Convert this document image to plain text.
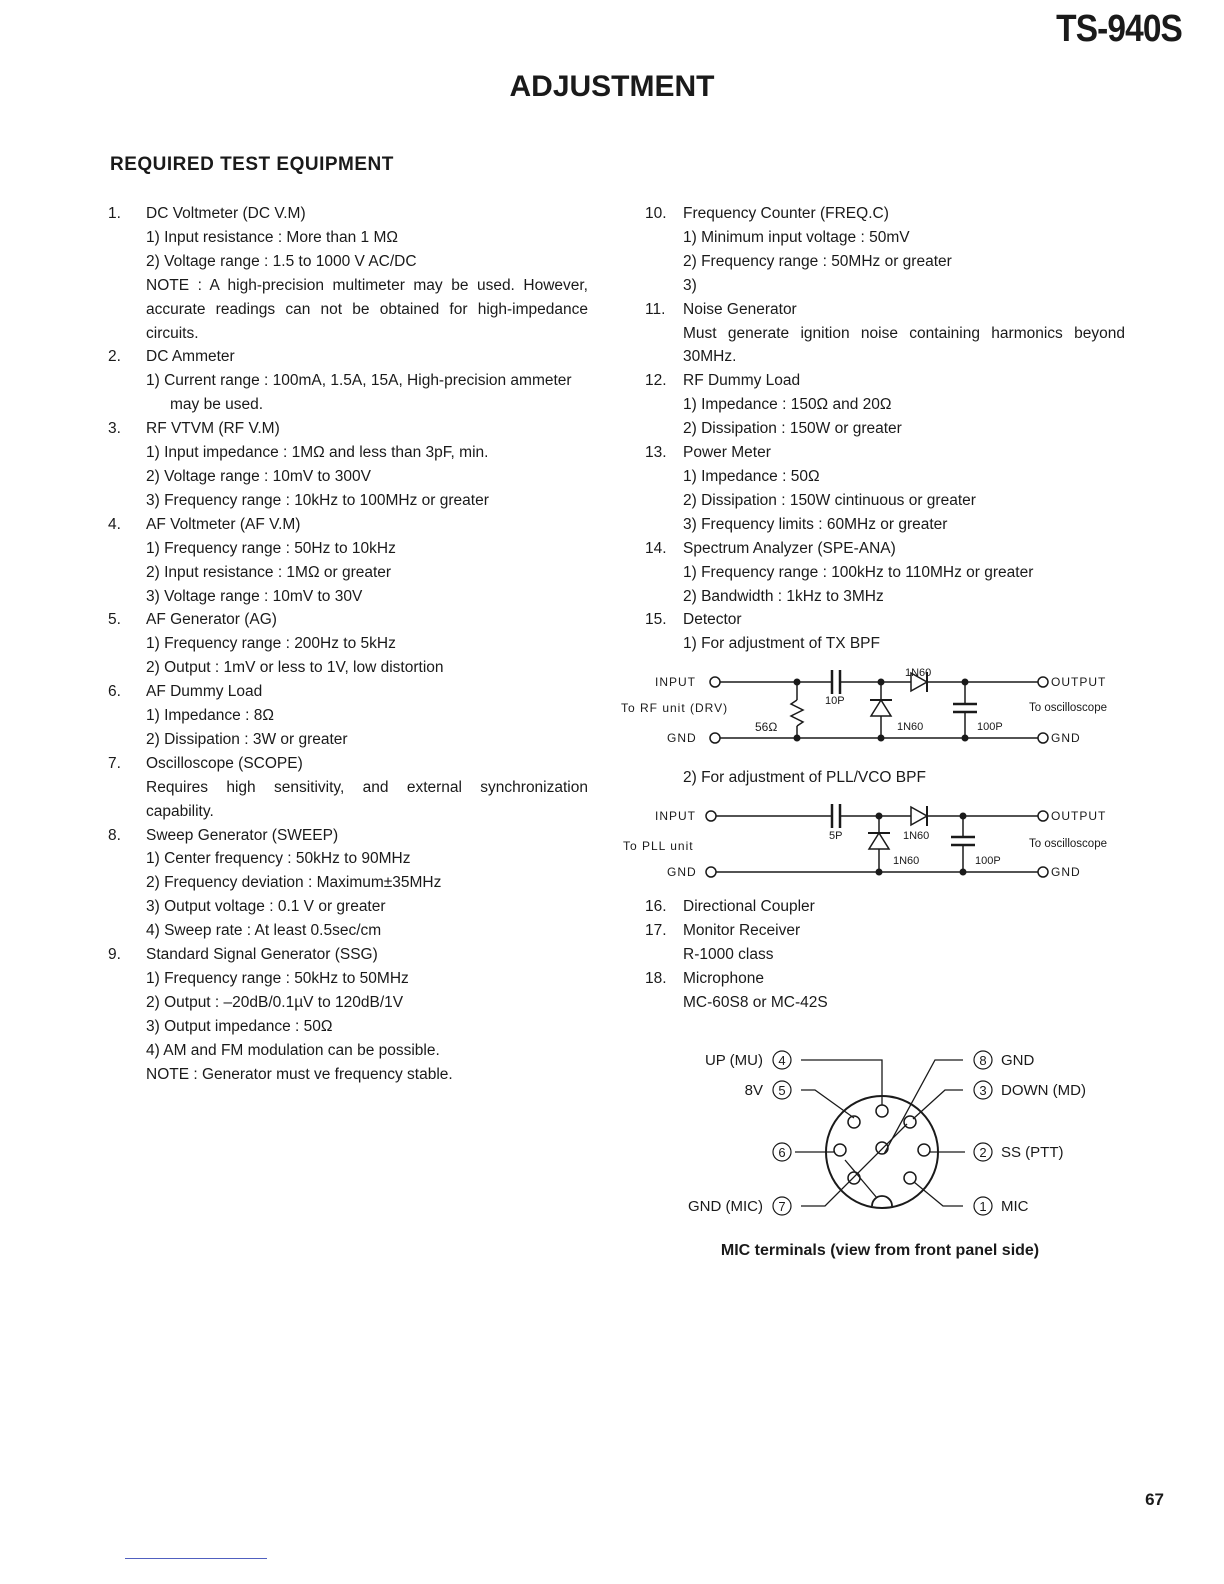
TS-940S
ADJUSTMENT
REQUIRED TEST EQUIPMENT
1. DC Voltmeter (DC V.M)
1) Input resistance : More than 1 MΩ
2) Voltage range : 1.5 to 1000 V AC/DC
NOTE : A high-precision multimeter may be used. However, accurate readings can not be obtained for high-impedance circuits.
2. DC Ammeter
1) Current range : 100mA, 1.5A, 15A, High-precision ammeter may be used.
3. RF VTVM (RF V.M)
1) Input impedance : 1MΩ and less than 3pF, min.
2) Voltage range : 10mV to 300V
3) Frequency range : 10kHz to 100MHz or greater
4. AF Voltmeter (AF V.M)
1) Frequency range : 50Hz to 10kHz
2) Input resistance : 1MΩ or greater
3) Voltage range : 10mV to 30V
5. AF Generator (AG)
1) Frequency range : 200Hz to 5kHz
2) Output : 1mV or less to 1V, low distortion
6. AF Dummy Load
1) Impedance : 8Ω
2) Dissipation : 3W or greater
7. Oscilloscope (SCOPE)
Requires high sensitivity, and external synchronization capability.
8. Sweep Generator (SWEEP)
1) Center frequency : 50kHz to 90MHz
2) Frequency deviation : Maximum±35MHz
3) Output voltage : 0.1 V or greater
4) Sweep rate : At least 0.5sec/cm
9. Standard Signal Generator (SSG)
1) Frequency range : 50kHz to 50MHz
2) Output : –20dB/0.1µV to 120dB/1V
3) Output impedance : 50Ω
4) AM and FM modulation can be possible.
NOTE : Generator must ve frequency stable.
10. Frequency Counter (FREQ.C)
1) Minimum input voltage : 50mV
2) Frequency range : 50MHz or greater
3)
11. Noise Generator
Must generate ignition noise containing harmonics beyond 30MHz.
12. RF Dummy Load
1) Impedance : 150Ω and 20Ω
2) Dissipation : 150W or greater
13. Power Meter
1) Impedance : 50Ω
2) Dissipation : 150W cintinuous or greater
3) Frequency limits : 60MHz or greater
14. Spectrum Analyzer (SPE-ANA)
1) Frequency range : 100kHz to 110MHz or greater
2) Bandwidth : 1kHz to 3MHz
15. Detector
1) For adjustment of TX BPF
INPUT	OUTPUT
GND	GND
To RF unit (DRV)	To oscilloscope
10P
1N60
1N60	100P
56Ω
2) For adjustment of PLL/VCO BPF
INPUT	OUTPUT
GND	GND
To PLL unit	To oscilloscope
5P	1N60
1N60	100P
16. Directional Coupler
17. Monitor Receiver
R-1000 class
18. Microphone
MC-60S8 or MC-42S
UP (MU) 4
8V 5
6
GND (MIC) 7
8 GND
3 DOWN (MD)
2 SS (PTT)
1 MIC
MIC terminals (view from front panel side)
67
